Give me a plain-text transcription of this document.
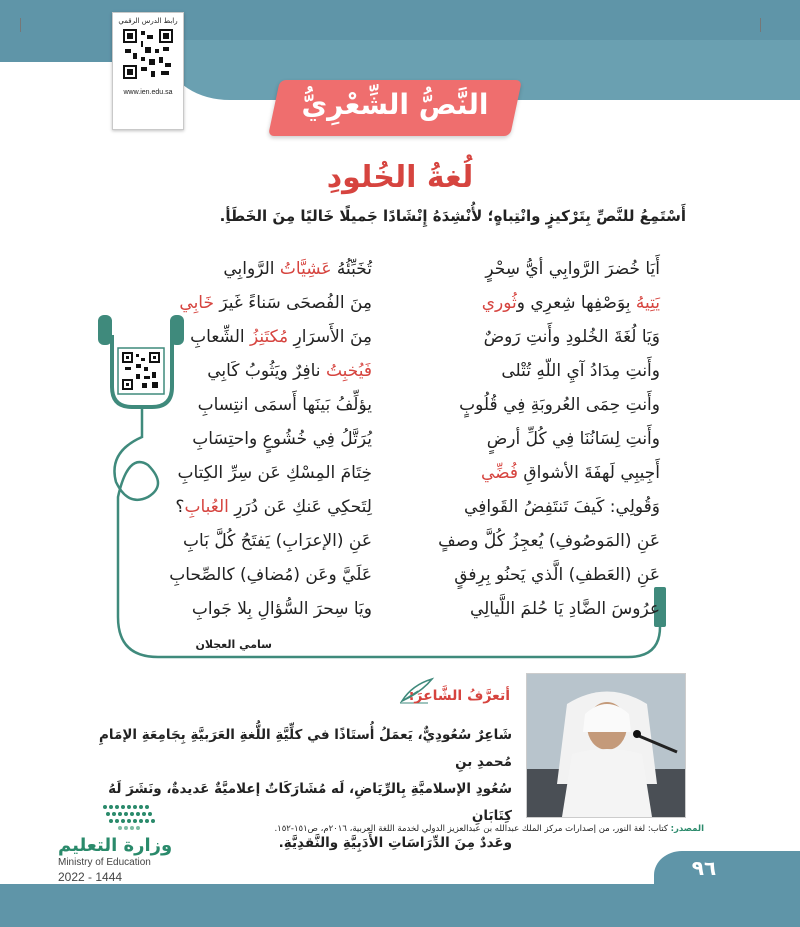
رابط الدرس الرقمي
www.ien.edu.sa	النَّصُّ الشِّعْرِيُّ
لُغةُ الخُلودِ
أَسْتَمِعُ للنَّصِّ بِتَرْكيزٍ وانْتِباهٍ؛ لأُنْشِدَهُ إِنْشَادًا جَميلًا خَاليًا مِنَ الخَطَأِ.
أَيَا خُضرَ الرَّوابِي أيُّ سِحْرٍ
يَتِيهُ بِوَصْفِها شِعرِي وثُوري
وَيَا لُغَةَ الخُلودِ وأَنتِ رَوضٌ
وأَنتِ مِدَادُ آيِ اللّهِ تُتْلى
وأَنتِ حِمَى العُروبَةِ فِي قُلُوبٍ
وأَنتِ لِسَانُنَا فِي كُلِّ أرضٍ
أَجِيبِي لَهفَةَ الأشواقِ فُضِّي
وَقُولِي: كَيفَ تَنتَفِضُ القَوافِي
عَنِ (المَوصُوفِ) يُعجِزُ كُلَّ وصفٍ
عَنِ (العَطفِ) الَّذي يَحنُو بِرِفقٍ
عرُوسَ الضَّادِ يَا حُلمَ اللَّيالِي
تُخَبِّئُهُ عَشِيَّاتُ الرَّوابِي
مِنَ الفُصحَى سَناءً غَيرَ خَابِي
مِنَ الأَسرَارِ مُكتَنِزُ الشِّعابِ
فَيُخبِتُ نافِرٌ ويَثُوبُ كَابِي
يؤلِّفُ بَينَها أَسمَى انتِسابِ
يُرَتَّلُ فِي خُشُوعٍ واحتِسَابِ
خِتَامَ المِسْكِ عَن سِرِّ الكِتابِ
لِتَحكِي عَنكِ عَن دُرَرِ العُبابِ؟
عَنِ (الإعرَابِ) يَفتَحُ كُلَّ بَابِ
عَلَيَّ وعَن (مُضافِ) كالصِّحابِ
ويَا سِحرَ السُّؤالِ بِلا جَوابِ
سامي العجلان
أتعرَّفُ الشَّاعرَ:
شَاعِرٌ سُعُودِيٌّ، يَعمَلُ أُستَاذًا في كلِّيَّةِ اللُّغةِ العَرَبيَّةِ بِجَامِعَةِ الإمَامِ مُحمدِ بنِ
سُعُودِ الإسلاميَّةِ بِالرِّيَاضِ، لَه مُشَارَكَاتٌ إعلاميَّةٌ عَديدةٌ، ونَشَرَ لَهُ كِتَابَانِ
وعَددٌ مِنَ الدِّرَاسَاتِ الأَدَبِيَّةِ والنَّقدِيَّةِ.
وزارة التعليم
Ministry of Education
2022 - 1444
المصدر: كتاب: لغة النور، من إصدارات مركز الملك عبدالله بن عبدالعزيز الدولي لخدمة اللغة العربية، ٢٠١٦م، ص١٥١-١٥٢.
٩٦
